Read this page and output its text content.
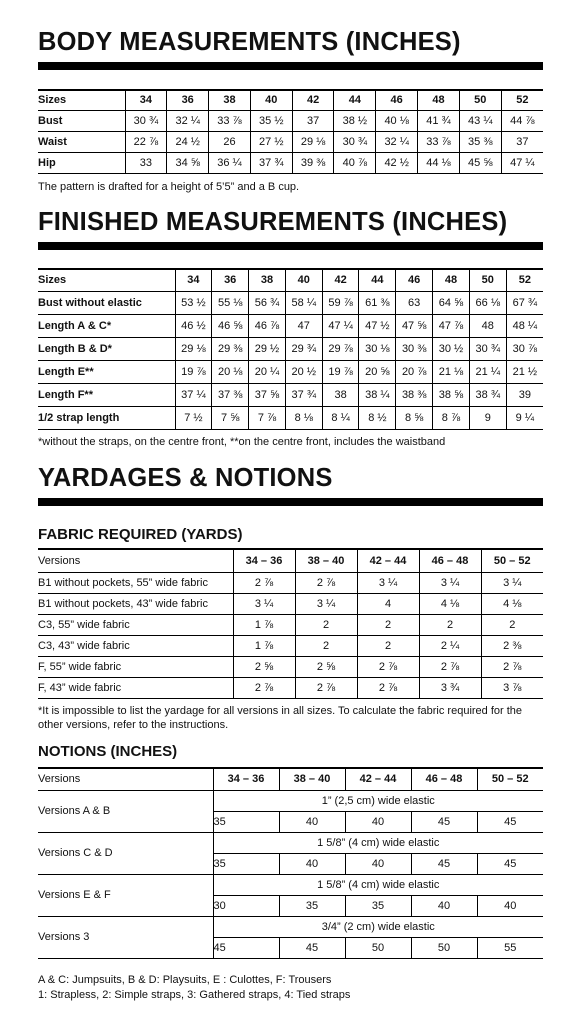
BODY MEASUREMENTS (INCHES)
Sizes	34	36	38	40	42	44	46	48	50	52
Bust	30 ¾	32 ¼	33 ⅞	35 ½	37	38 ½	40 ⅛	41 ¾	43 ¼	44 ⅞
Waist	22 ⅞	24 ½	26	27 ½	29 ⅛	30 ¾	32 ¼	33 ⅞	35 ⅜	37
Hip	33	34 ⅝	36 ¼	37 ¾	39 ⅜	40 ⅞	42 ½	44 ⅛	45 ⅝	47 ¼
The pattern is drafted for a height of 5’5” and a B cup.
FINISHED MEASUREMENTS (INCHES)
Sizes	34	36	38	40	42	44	46	48	50	52
Bust without elastic	53 ½	55 ⅛	56 ¾	58 ¼	59 ⅞	61 ⅜	63	64 ⅝	66 ⅛	67 ¾
Length A & C*	46 ½	46 ⅝	46 ⅞	47	47 ¼	47 ½	47 ⅝	47 ⅞	48	48 ¼
Length B & D*	29 ⅛	29 ⅜	29 ½	29 ¾	29 ⅞	30 ⅛	30 ⅜	30 ½	30 ¾	30 ⅞
Length E**	19 ⅞	20 ⅛	20 ¼	20 ½	19 ⅞	20 ⅝	20 ⅞	21 ⅛	21 ¼	21 ½
Length F**	37 ¼	37 ⅜	37 ⅝	37 ¾	38	38 ¼	38 ⅜	38 ⅝	38 ¾	39
1/2 strap length	7 ½	7 ⅝	7 ⅞	8 ⅛	8 ¼	8 ½	8 ⅝	8 ⅞	9	9 ¼
*without the straps, on the centre front, **on the centre front, includes the waistband
YARDAGES & NOTIONS
FABRIC REQUIRED (YARDS)
Versions	34 – 36	38 – 40	42 – 44	46 – 48	50 – 52
B1 without pockets, 55” wide fabric	2 ⅞	2 ⅞	3 ¼	3 ¼	3 ¼
B1 without pockets, 43” wide fabric	3 ¼	3 ¼	4	4 ⅛	4 ⅛
C3, 55” wide fabric	1 ⅞	2	2	2	2
C3, 43” wide fabric	1 ⅞	2	2	2 ¼	2 ⅜
F, 55” wide fabric	2 ⅝	2 ⅝	2 ⅞	2 ⅞	2 ⅞
F, 43” wide fabric	2 ⅞	2 ⅞	2 ⅞	3 ¾	3 ⅞
*It is impossible to list the yardage for all versions in all sizes. To calculate the fabric required for the other versions, refer to the instructions.
NOTIONS (INCHES)
Versions	34 – 36	38 – 40	42 – 44	46 – 48	50 – 52
Versions A & B	1” (2,5 cm) wide elastic				
	35	40	40	45	45
Versions C & D	1 5/8” (4 cm) wide elastic				
	35	40	40	45	45
Versions E & F	1 5/8” (4 cm) wide elastic				
	30	35	35	40	40
Versions 3	3/4” (2 cm) wide elastic				
	45	45	50	50	55
A & C: Jumpsuits, B & D: Playsuits, E : Culottes, F: Trousers
1: Strapless, 2: Simple straps, 3: Gathered straps, 4: Tied straps
